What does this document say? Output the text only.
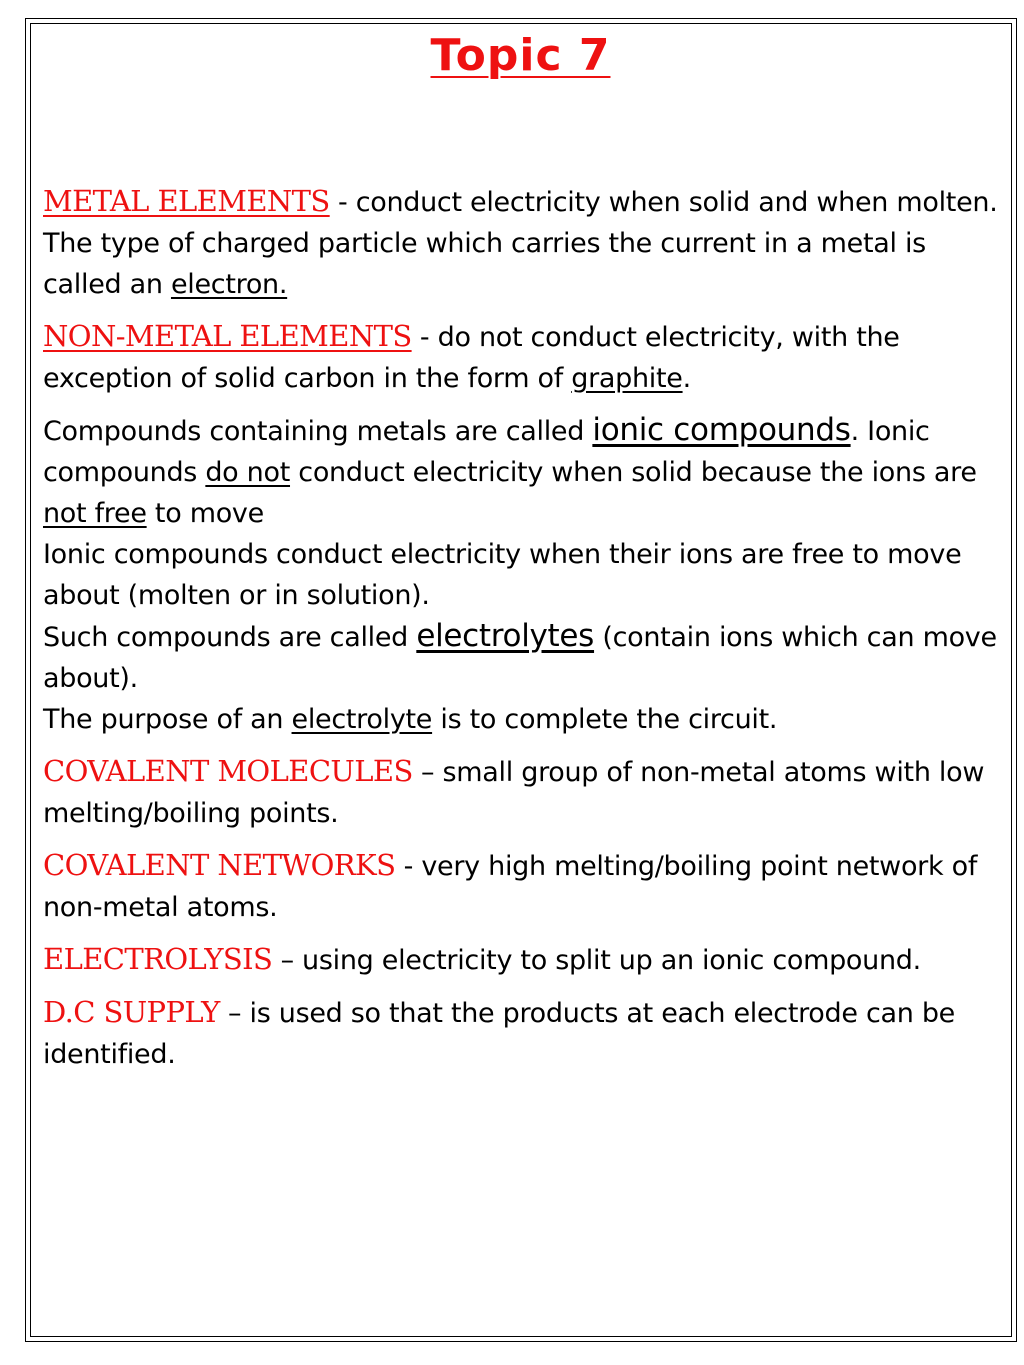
Topic 7

METAL ELEMENTS - conduct electricity when solid and when molten. The type of charged particle which carries the current in a metal is called an electron.

NON-METAL ELEMENTS - do not conduct electricity, with the exception of solid carbon in the form of graphite.

Compounds containing metals are called ionic compounds. Ionic compounds do not conduct electricity when solid because the ions are not free to move

Ionic compounds conduct electricity when their ions are free to move about (molten or in solution).

Such compounds are called electrolytes (contain ions which can move about).

The purpose of an electrolyte is to complete the circuit.

COVALENT MOLECULES – small group of non-metal atoms with low melting/boiling points.

COVALENT NETWORKS - very high melting/boiling point network of non-metal atoms.

ELECTROLYSIS – using electricity to split up an ionic compound.

D.C SUPPLY – is used so that the products at each electrode can be identified.
